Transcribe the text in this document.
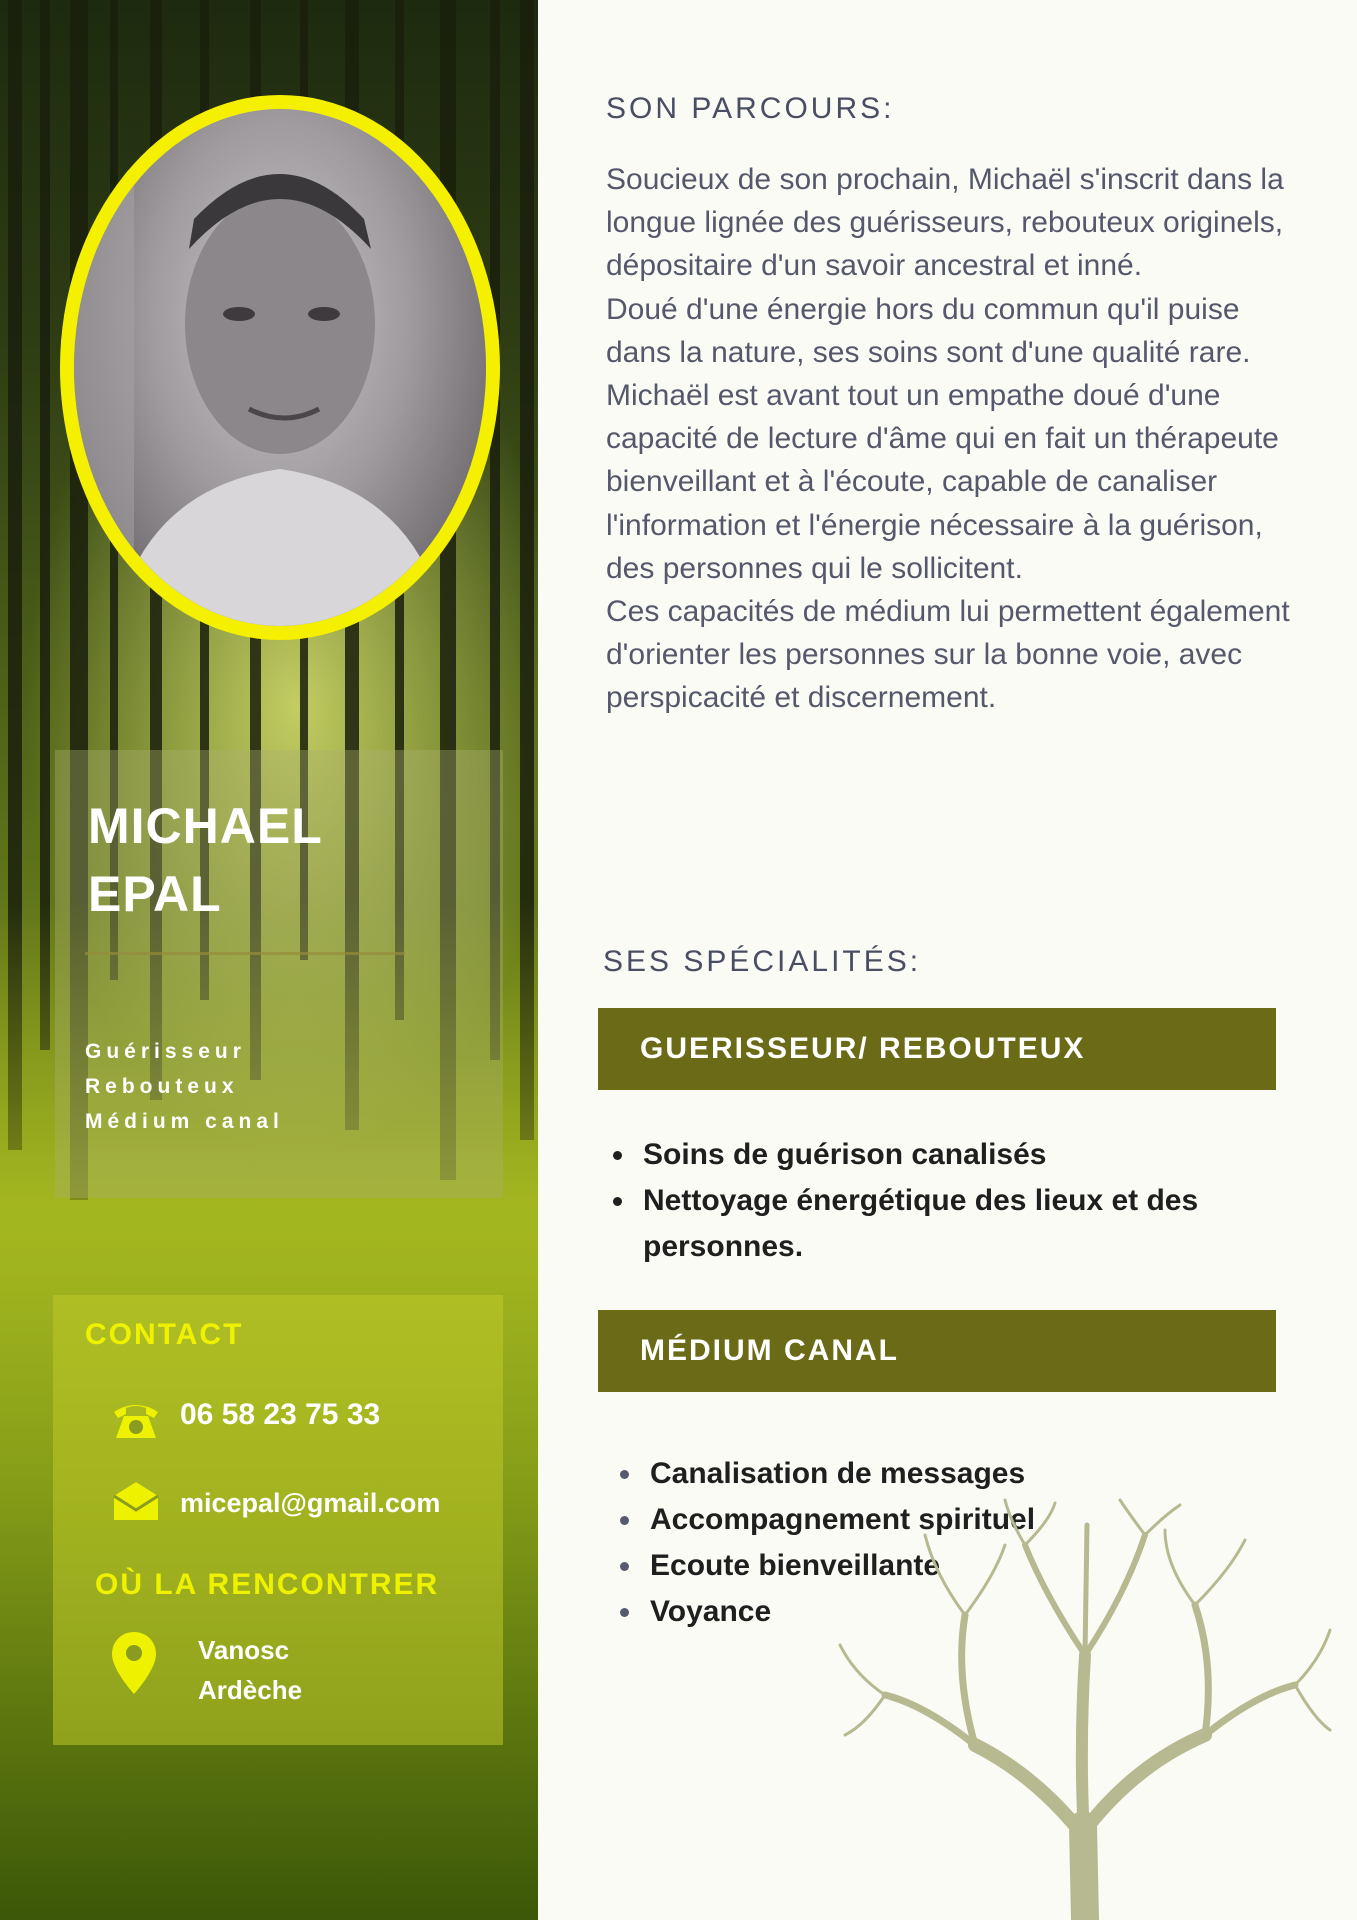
MICHAEL
EPAL
Guérisseur
Rebouteux
Médium canal
CONTACT
06 58 23 75 33
micepal@gmail.com
OÙ LA RENCONTRER
Vanosc
Ardèche
SON PARCOURS:

Soucieux de son prochain, Michaël s'inscrit dans la longue lignée des guérisseurs, rebouteux originels, dépositaire d'un savoir ancestral et inné.

Doué d'une énergie hors du commun qu'il puise dans la nature, ses soins sont d'une qualité rare.

Michaël est avant tout un empathe doué d'une capacité de lecture d'âme qui en fait un thérapeute bienveillant et à l'écoute, capable de canaliser l'information et l'énergie nécessaire à la guérison, des personnes qui le sollicitent.

Ces capacités de médium lui permettent également d'orienter les personnes sur la bonne voie, avec perspicacité et discernement.

SES SPÉCIALITÉS:
GUERISSEUR/ REBOUTEUX
Soins de guérison canalisés
Nettoyage énergétique des lieux et des personnes.
MÉDIUM CANAL
Canalisation de messages
Accompagnement spirituel
Ecoute bienveillante
Voyance
